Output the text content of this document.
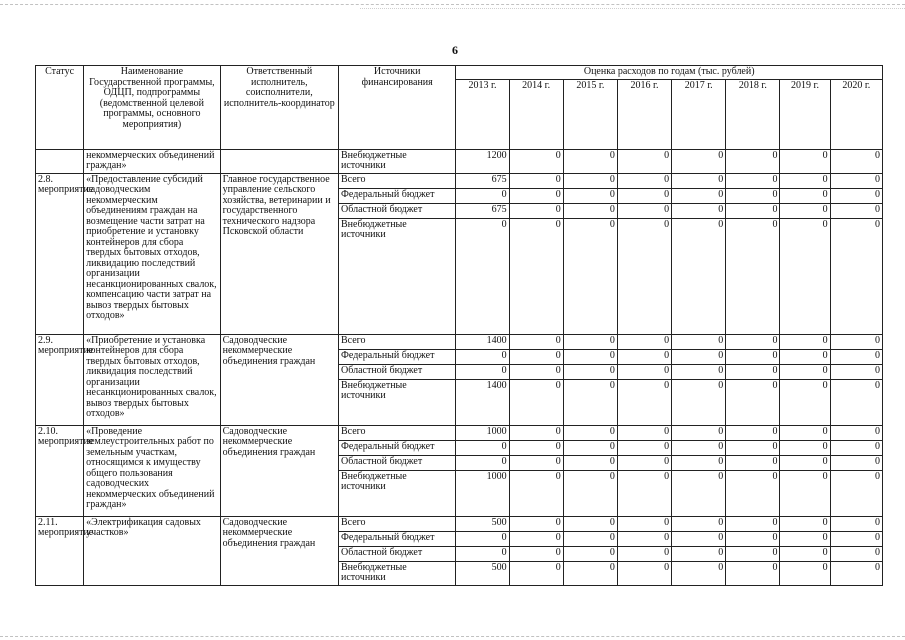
6
Статус	Наименование Государственной программы, ОДЦП, подпрограммы (ведомственной целевой программы, основного мероприятия)	Ответственный исполнитель, соисполнители, исполнитель-координатор	Источники финансирования	Оценка расходов по годам (тыс. рублей)							
				2013 г.	2014 г.	2015 г.	2016 г.	2017 г.	2018 г.	2019 г.	2020 г.
	некоммерческих объединений граждан»		Внебюджетные источники	1200	0	0	0	0	0	0	0
2.8. мероприятие	«Предоставление субсидий садоводческим некоммерческим объединениям граждан на возмещение части затрат на приобретение и установку контейнеров для сбора твердых бытовых отходов, ликвидацию последствий организации несанкционированных свалок, компенсацию части затрат на вывоз твердых бытовых отходов»	Главное государственное управление сельского хозяйства, ветеринарии и государственного технического надзора Псковской области	Всего	675	0	0	0	0	0	0	0
			Федеральный бюджет	0	0	0	0	0	0	0	0
			Областной бюджет	675	0	0	0	0	0	0	0
			Внебюджетные источники	0	0	0	0	0	0	0	0
2.9. мероприятие	«Приобретение и установка контейнеров для сбора твердых бытовых отходов, ликвидация последствий организации несанкционированных свалок, вывоз твердых бытовых отходов»	Садоводческие некоммерческие объединения граждан	Всего	1400	0	0	0	0	0	0	0
			Федеральный бюджет	0	0	0	0	0	0	0	0
			Областной бюджет	0	0	0	0	0	0	0	0
			Внебюджетные источники	1400	0	0	0	0	0	0	0
2.10. мероприятие	«Проведение землеустроительных работ по земельным участкам, относящимся к имуществу общего пользования садоводческих некоммерческих объединений граждан»	Садоводческие некоммерческие объединения граждан	Всего	1000	0	0	0	0	0	0	0
			Федеральный бюджет	0	0	0	0	0	0	0	0
			Областной бюджет	0	0	0	0	0	0	0	0
			Внебюджетные источники	1000	0	0	0	0	0	0	0
2.11. мероприятие	«Электрификация садовых участков»	Садоводческие некоммерческие объединения граждан	Всего	500	0	0	0	0	0	0	0
			Федеральный бюджет	0	0	0	0	0	0	0	0
			Областной бюджет	0	0	0	0	0	0	0	0
			Внебюджетные источники	500	0	0	0	0	0	0	0
